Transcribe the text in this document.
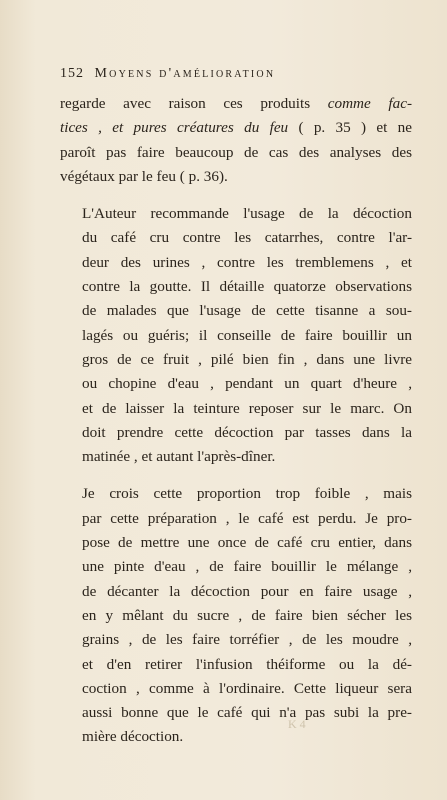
152 Moyens d'amélioration

regarde avec raison ces produits comme fac-
tices , et pures créatures du feu ( p. 35 ) et ne
paroît pas faire beaucoup de cas des analyses des
végétaux par le feu ( p. 36).

L'Auteur recommande l'usage de la décoction
du café cru contre les catarrhes, contre l'ar-
deur des urines , contre les tremblemens , et
contre la goutte. Il détaille quatorze observations
de malades que l'usage de cette tisanne a sou-
lagés ou guéris; il conseille de faire bouillir un
gros de ce fruit , pilé bien fin , dans une livre
ou chopine d'eau , pendant un quart d'heure ,
et de laisser la teinture reposer sur le marc. On
doit prendre cette décoction par tasses dans la
matinée , et autant l'après-dîner.

Je crois cette proportion trop foible , mais
par cette préparation , le café est perdu. Je pro-
pose de mettre une once de café cru entier, dans
une pinte d'eau , de faire bouillir le mélange ,
de décanter la décoction pour en faire usage ,
en y mêlant du sucre , de faire bien sécher les
grains , de les faire torréfier , de les moudre ,
et d'en retirer l'infusion théiforme ou la dé-
coction , comme à l'ordinaire. Cette liqueur sera
aussi bonne que le café qui n'a pas subi la pre-
mière décoction.

K 4
